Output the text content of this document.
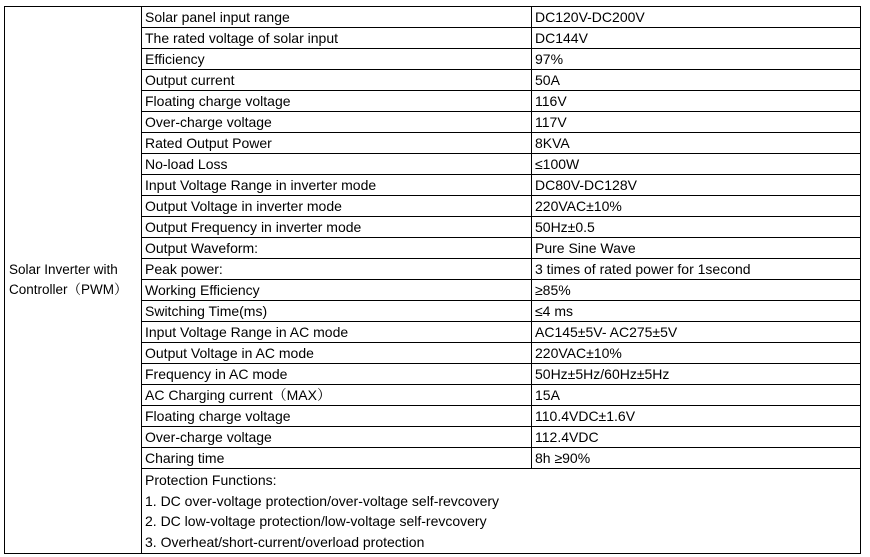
Solar Inverter with
Controller（PWM）	Solar panel input range	DC120V-DC200V
	The rated voltage of solar input	DC144V
	Efficiency	97%
	Output current	50A
	Floating charge voltage	116V
	Over-charge voltage	117V
	Rated Output Power	8KVA
	No-load Loss	≤100W
	Input Voltage Range in inverter mode	DC80V-DC128V
	Output Voltage in inverter mode	220VAC±10%
	Output Frequency in inverter mode	50Hz±0.5
	Output Waveform:	Pure Sine Wave
	Peak power:	3 times of rated power for 1second
	Working Efficiency	≥85%
	Switching Time(ms)	≤4 ms
	Input Voltage Range in AC mode	AC145±5V- AC275±5V
	Output Voltage in AC mode	220VAC±10%
	Frequency in AC mode	50Hz±5Hz/60Hz±5Hz
	AC Charging current（MAX）	15A
	Floating charge voltage	110.4VDC±1.6V
	Over-charge voltage	112.4VDC
	Charing time	8h ≥90%

	Protection Functions:
1. DC over-voltage protection/over-voltage self-revcovery
2. DC low-voltage protection/low-voltage self-revcovery
3. Overheat/short-current/overload protection	
